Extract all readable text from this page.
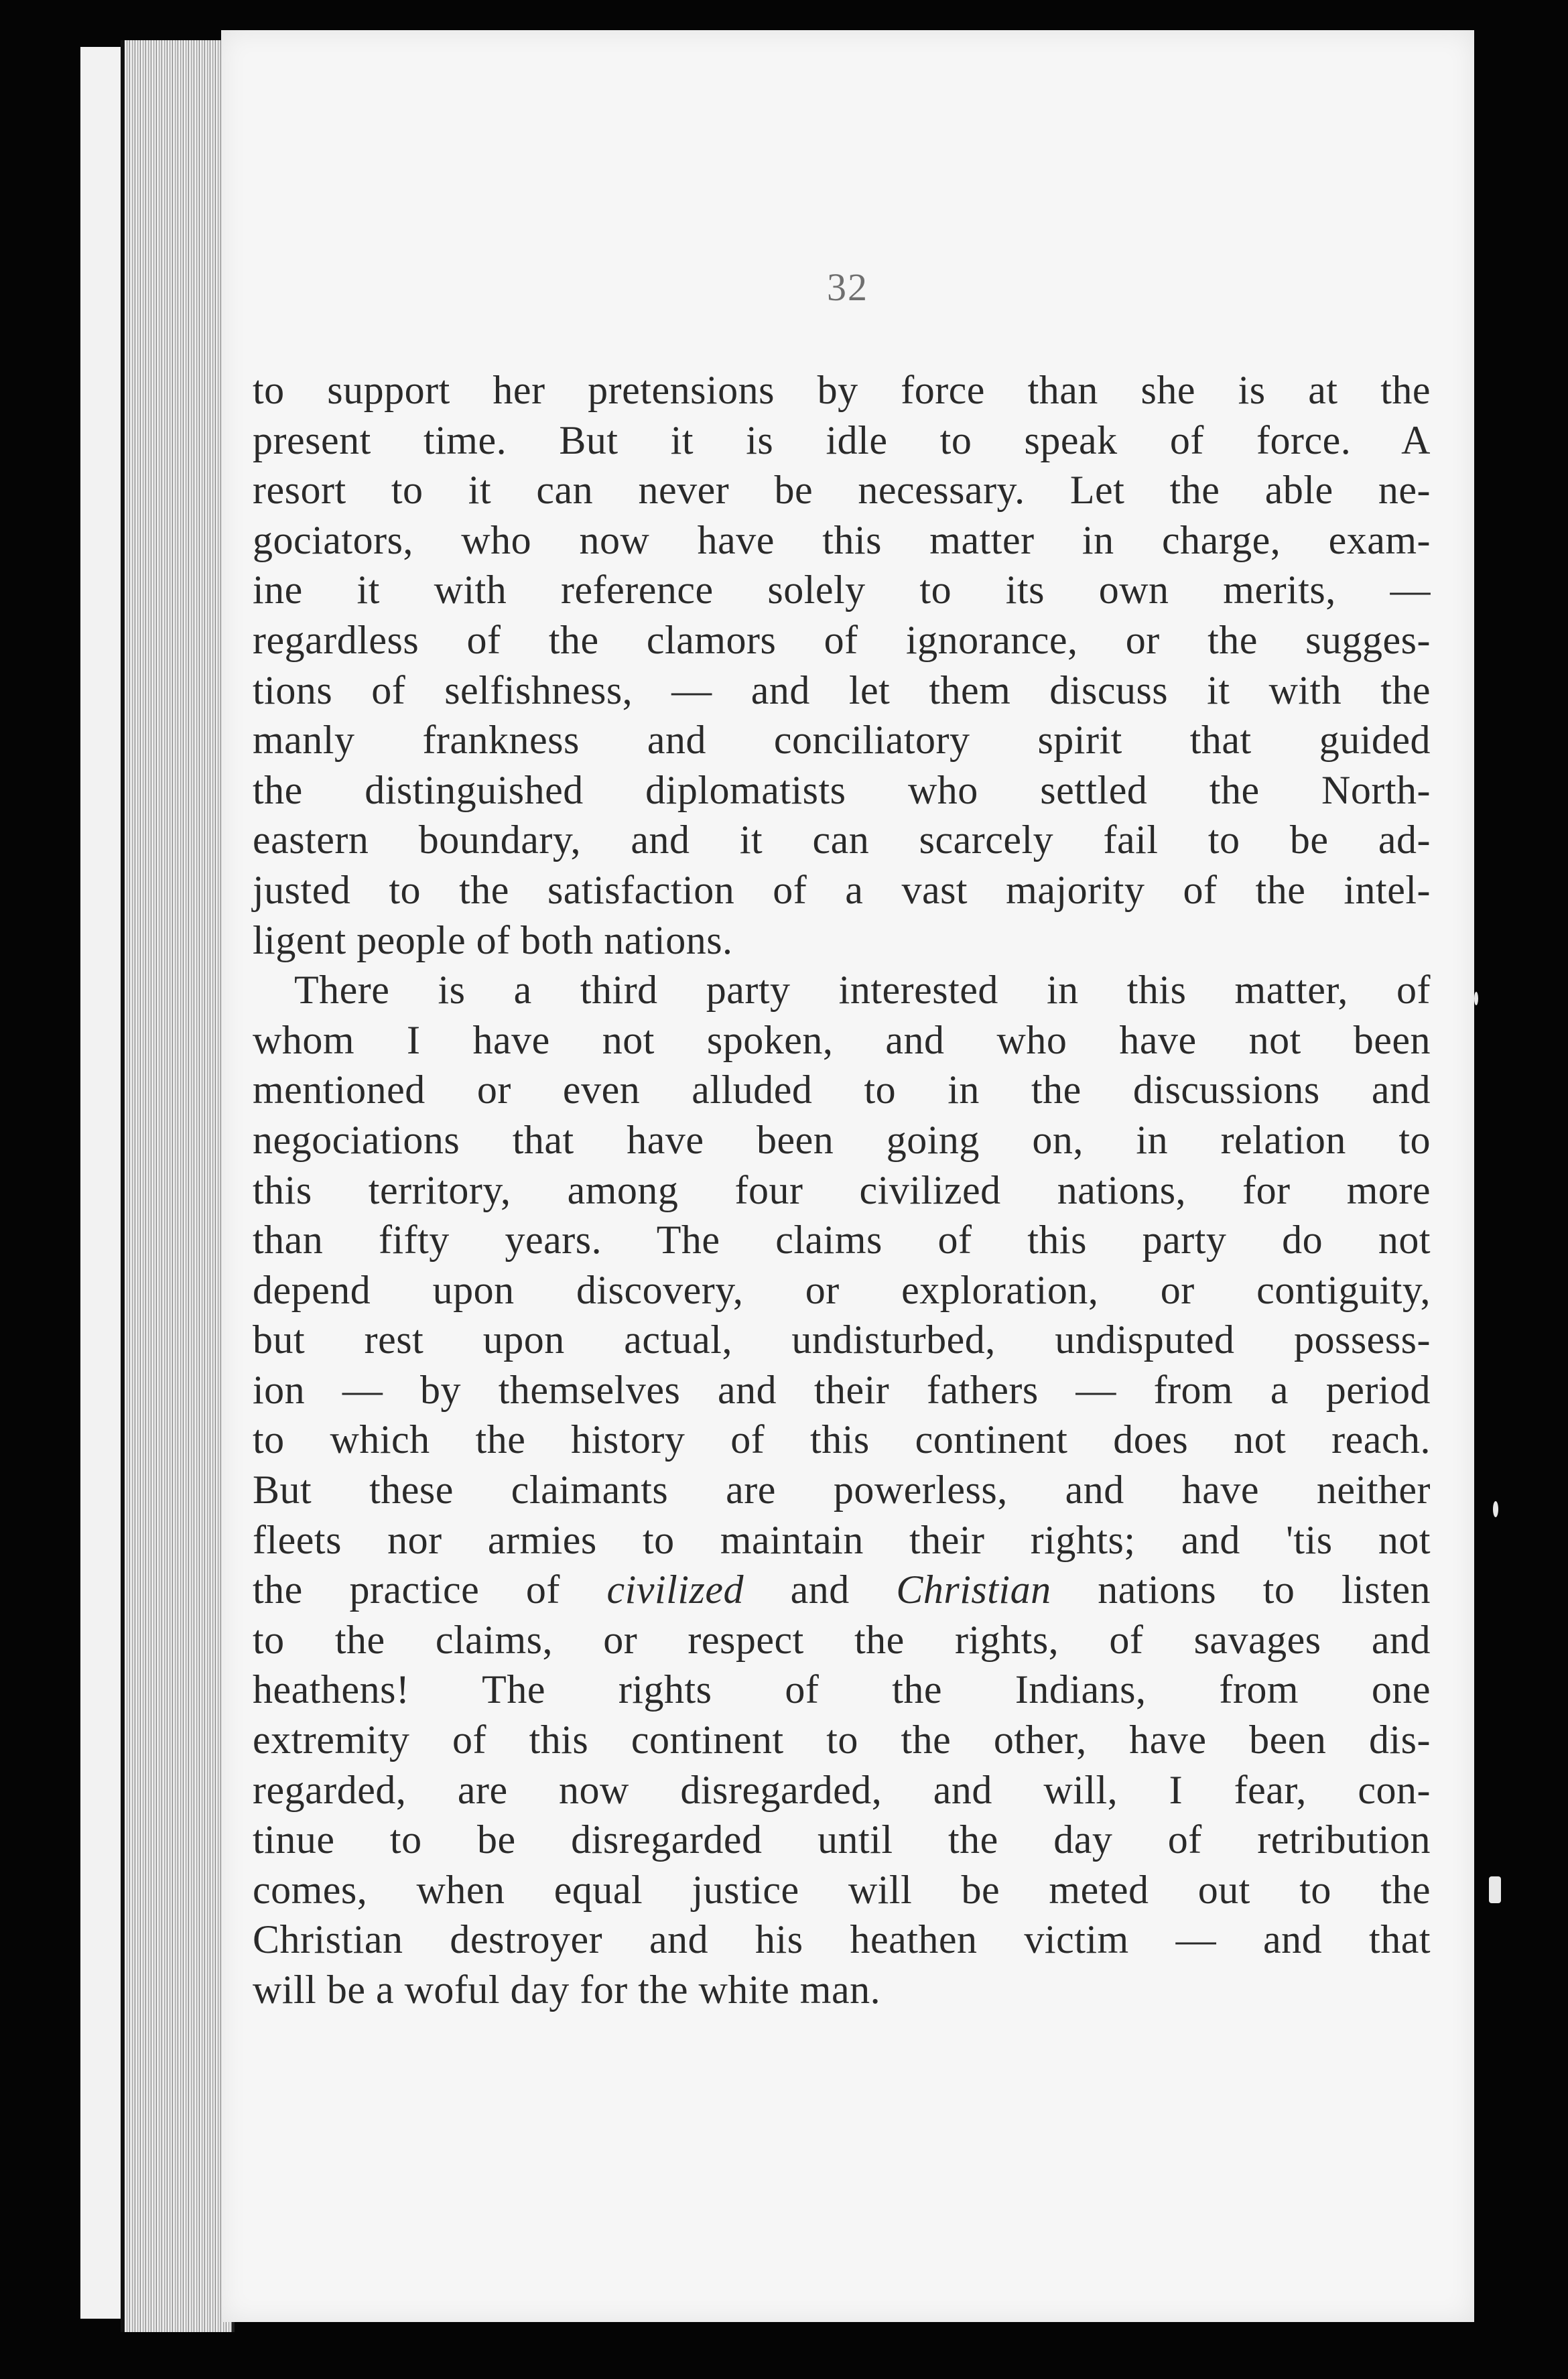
32
to support her pretensions by force than she is at the
present time. But it is idle to speak of force. A
resort to it can never be necessary. Let the able ne-
gociators, who now have this matter in charge, exam-
ine it with reference solely to its own merits, —
regardless of the clamors of ignorance, or the sugges-
tions of selfishness, — and let them discuss it with the
manly frankness and conciliatory spirit that guided
the distinguished diplomatists who settled the North-
eastern boundary, and it can scarcely fail to be ad-
justed to the satisfaction of a vast majority of the intel-
ligent people of both nations.
There is a third party interested in this matter, of
whom I have not spoken, and who have not been
mentioned or even alluded to in the discussions and
negociations that have been going on, in relation to
this territory, among four civilized nations, for more
than fifty years. The claims of this party do not
depend upon discovery, or exploration, or contiguity,
but rest upon actual, undisturbed, undisputed possess-
ion — by themselves and their fathers — from a period
to which the history of this continent does not reach.
But these claimants are powerless, and have neither
fleets nor armies to maintain their rights; and 'tis not
the practice of civilized and Christian nations to listen
to the claims, or respect the rights, of savages and
heathens! The rights of the Indians, from one
extremity of this continent to the other, have been dis-
regarded, are now disregarded, and will, I fear, con-
tinue to be disregarded until the day of retribution
comes, when equal justice will be meted out to the
Christian destroyer and his heathen victim — and that
will be a woful day for the white man.
